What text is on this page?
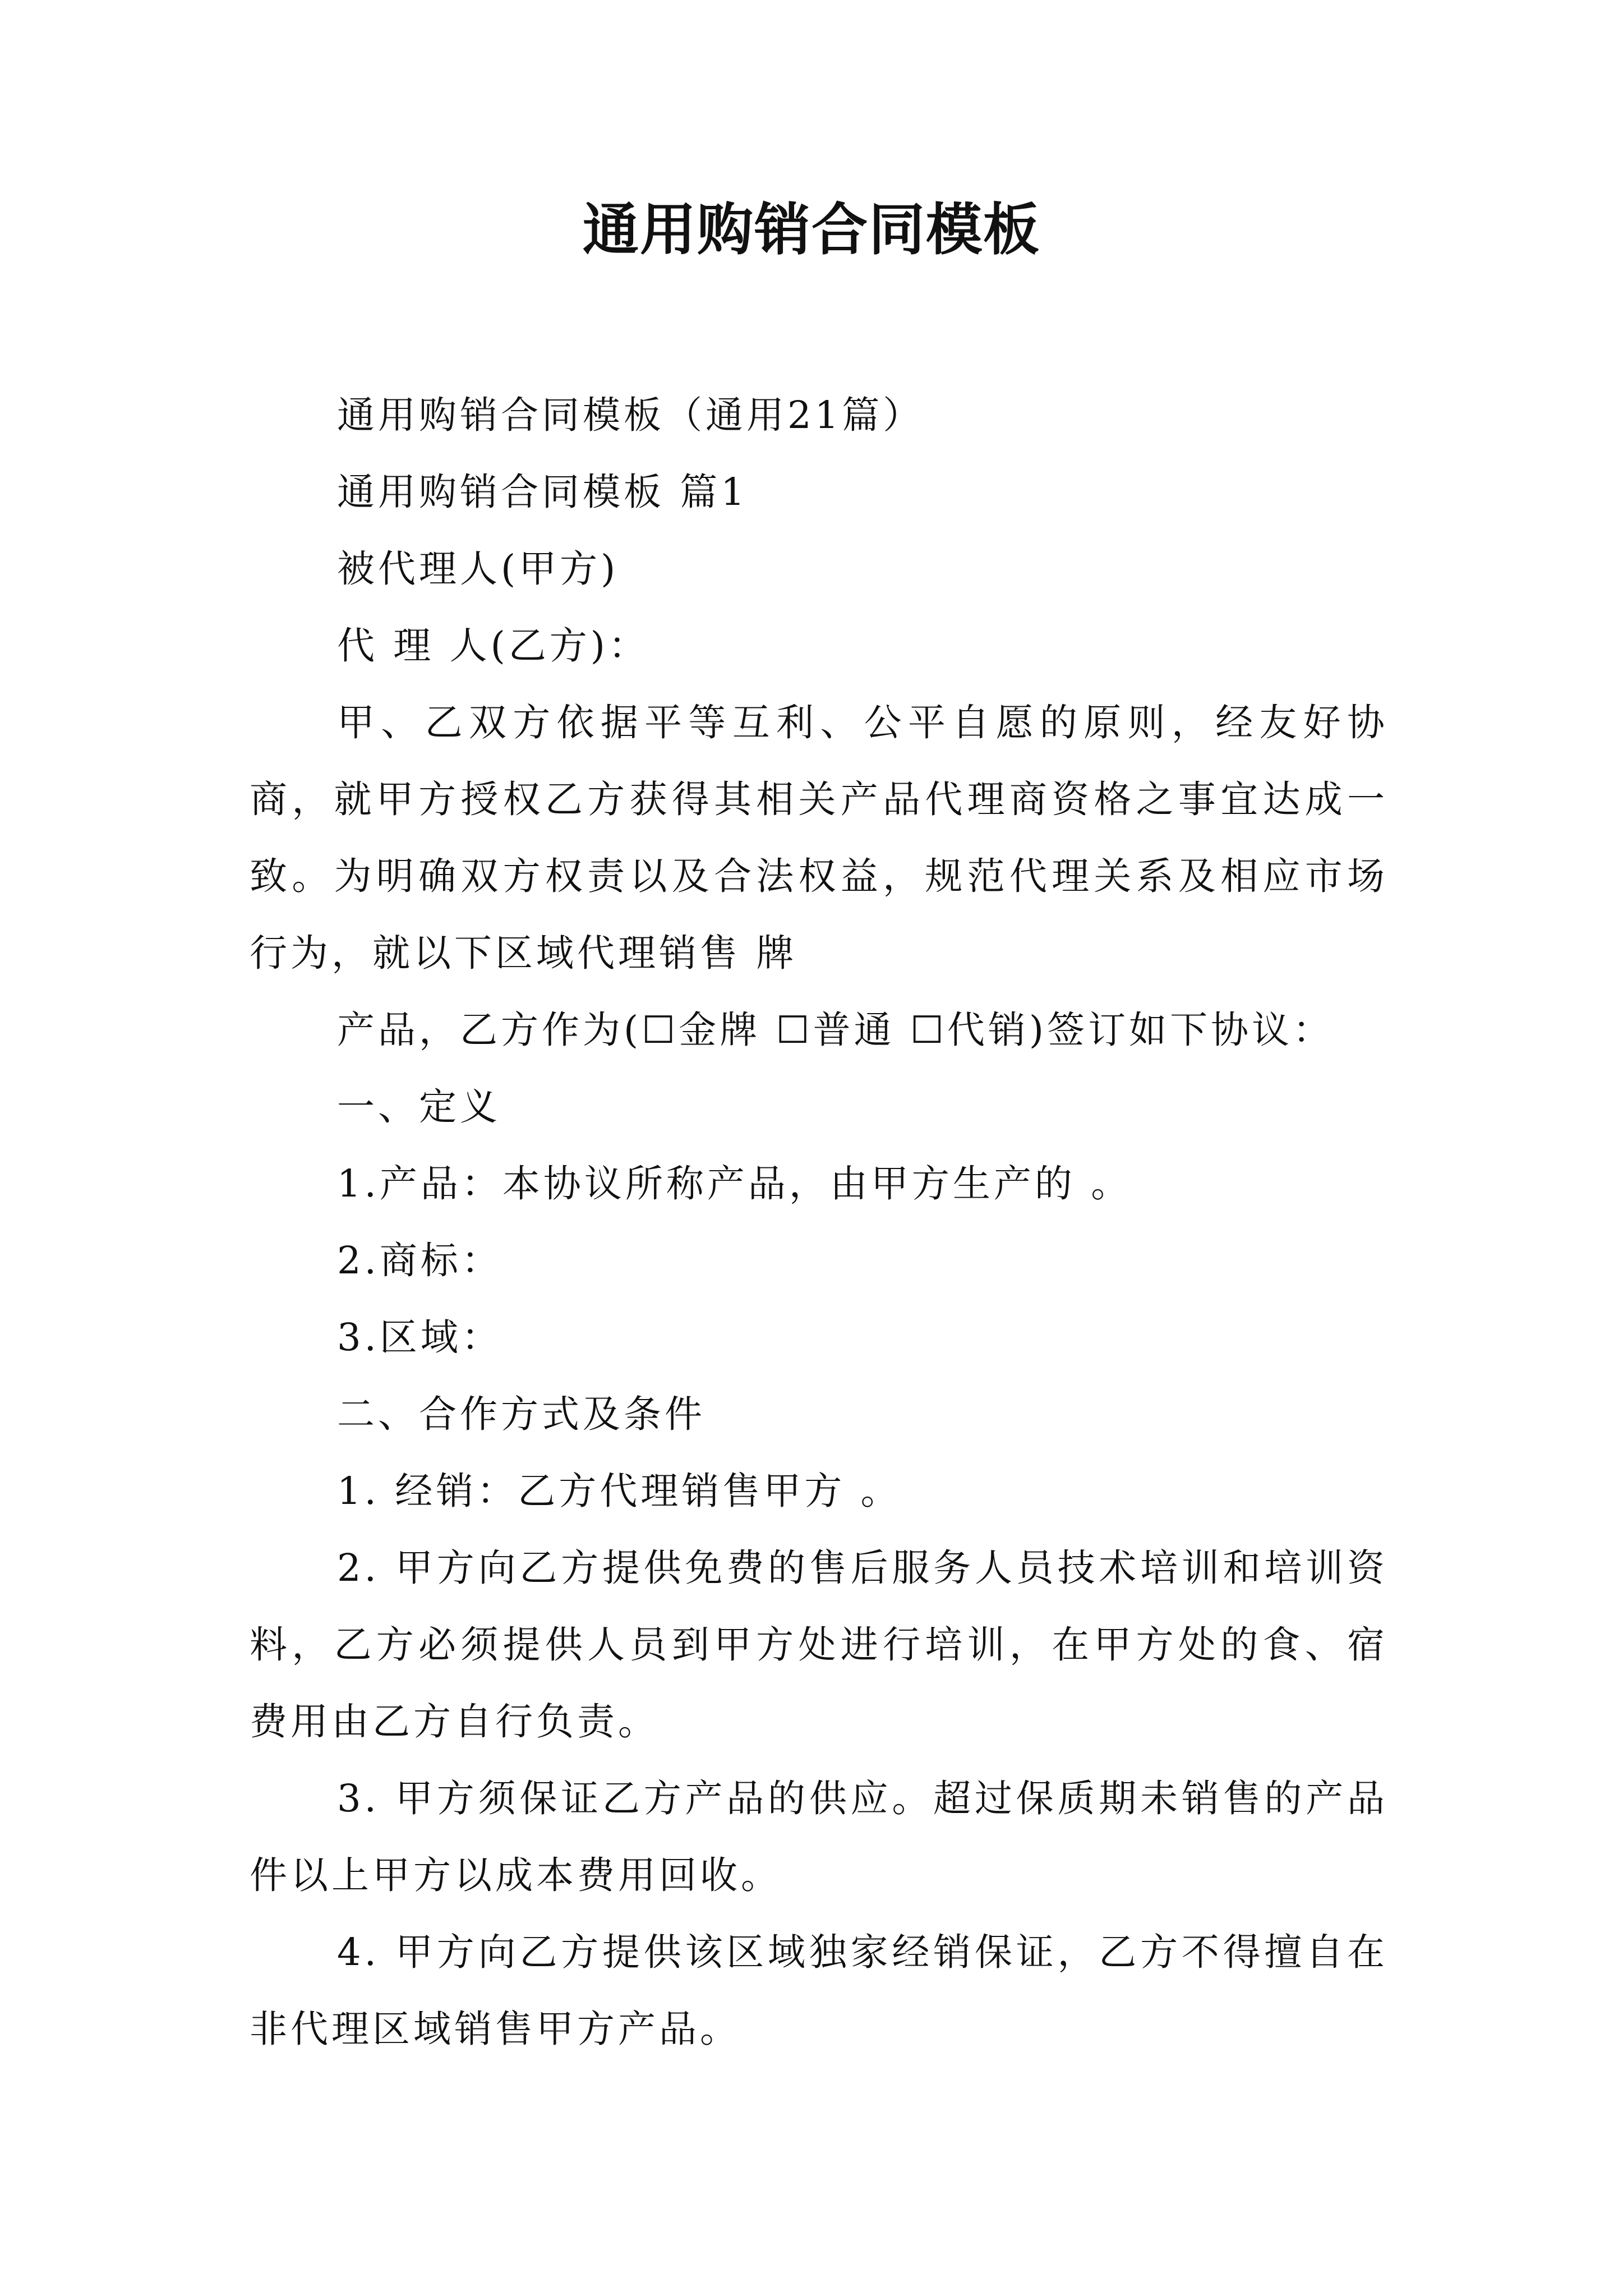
通用购销合同模板

通用购销合同模板（通用21篇）

通用购销合同模板 篇1

被代理人(甲方)

代 理 人(乙方)：

甲、乙双方依据平等互利、公平自愿的原则，经友好协商，就甲方授权乙方获得其相关产品代理商资格之事宜达成一致。为明确双方权责以及合法权益，规范代理关系及相应市场行为，就以下区域代理销售 牌

产品，乙方作为(☐金牌 ☐普通 ☐代销)签订如下协议：

一、定义

1.产品：本协议所称产品，由甲方生产的 。

2.商标：

3.区域：

二、合作方式及条件

1. 经销：乙方代理销售甲方 。

2. 甲方向乙方提供免费的售后服务人员技术培训和培训资料，乙方必须提供人员到甲方处进行培训，在甲方处的食、宿费用由乙方自行负责。

3. 甲方须保证乙方产品的供应。超过保质期未销售的产品 件以上甲方以成本费用回收。

4. 甲方向乙方提供该区域独家经销保证，乙方不得擅自在非代理区域销售甲方产品。
